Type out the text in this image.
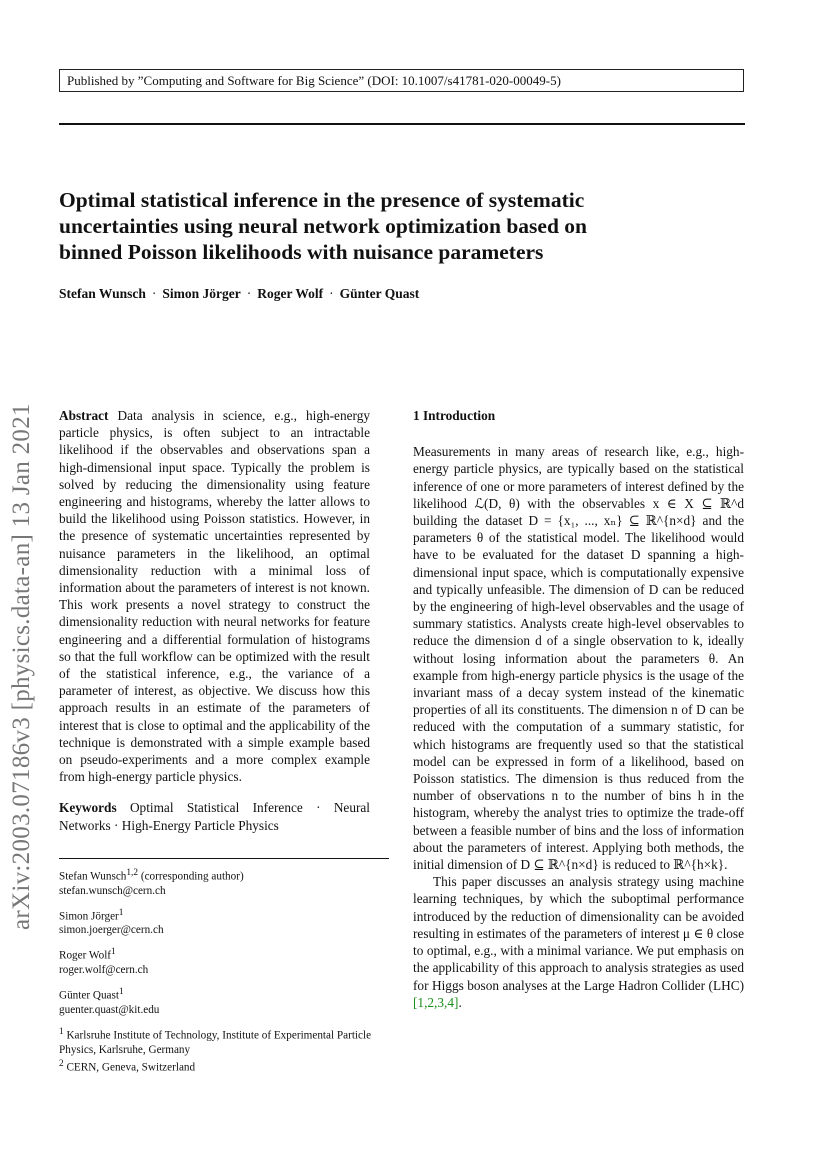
Published by ”Computing and Software for Big Science” (DOI: 10.1007/s41781-020-00049-5)
arXiv:2003.07186v3 [physics.data-an] 13 Jan 2021
Optimal statistical inference in the presence of systematic
uncertainties using neural network optimization based on
binned Poisson likelihoods with nuisance parameters
Stefan Wunsch · Simon Jörger · Roger Wolf · Günter Quast

Abstract Data analysis in science, e.g., high-energy particle physics, is often subject to an intractable likelihood if the observables and observations span a high-dimensional input space. Typically the problem is solved by reducing the dimensionality using feature engineering and histograms, whereby the latter allows to build the likelihood using Poisson statistics. However, in the presence of systematic uncertainties represented by nuisance parameters in the likelihood, an optimal dimensionality reduction with a minimal loss of information about the parameters of interest is not known. This work presents a novel strategy to construct the dimensionality reduction with neural networks for feature engineering and a differential formulation of histograms so that the full workflow can be optimized with the result of the statistical inference, e.g., the variance of a parameter of interest, as objective. We discuss how this approach results in an estimate of the parameters of interest that is close to optimal and the applicability of the technique is demonstrated with a simple example based on pseudo-experiments and a more complex example from high-energy particle physics.

Keywords Optimal Statistical Inference · Neural Networks · High-Energy Particle Physics

Stefan Wunsch$^{1,2}$ (corresponding author)
stefan.wunsch@cern.ch
Simon Jörger$^1$
simon.joerger@cern.ch
Roger Wolf$^1$
roger.wolf@cern.ch
Günter Quast$^1$
guenter.quast@kit.edu
$^1$ Karlsruhe Institute of Technology, Institute of Experimental Particle Physics, Karlsruhe, Germany
$^2$ CERN, Geneva, Switzerland
1 Introduction

Measurements in many areas of research like, e.g., high-energy particle physics, are typically based on the statistical inference of one or more parameters of interest defined by the likelihood ℒ(D, θ) with the observables x ∈ X ⊆ ℝ^d building the dataset D = {x₁, ..., xₙ} ⊆ ℝ^{n×d} and the parameters θ of the statistical model. The likelihood would have to be evaluated for the dataset D spanning a high-dimensional input space, which is computationally expensive and typically unfeasible. The dimension of D can be reduced by the engineering of high-level observables and the usage of summary statistics. Analysts create high-level observables to reduce the dimension d of a single observation to k, ideally without losing information about the parameters θ. An example from high-energy particle physics is the usage of the invariant mass of a decay system instead of the kinematic properties of all its constituents. The dimension n of D can be reduced with the computation of a summary statistic, for which histograms are frequently used so that the statistical model can be expressed in form of a likelihood, based on Poisson statistics. The dimension is thus reduced from the number of observations n to the number of bins h in the histogram, whereby the analyst tries to optimize the trade-off between a feasible number of bins and the loss of information about the parameters of interest. Applying both methods, the initial dimension of D ⊆ ℝ^{n×d} is reduced to ℝ^{h×k}.

This paper discusses an analysis strategy using machine learning techniques, by which the suboptimal performance introduced by the reduction of dimensionality can be avoided resulting in estimates of the parameters of interest μ ∈ θ close to optimal, e.g., with a minimal variance. We put emphasis on the applicability of this approach to analysis strategies as used for Higgs boson analyses at the Large Hadron Collider (LHC) [1,2,3,4].
